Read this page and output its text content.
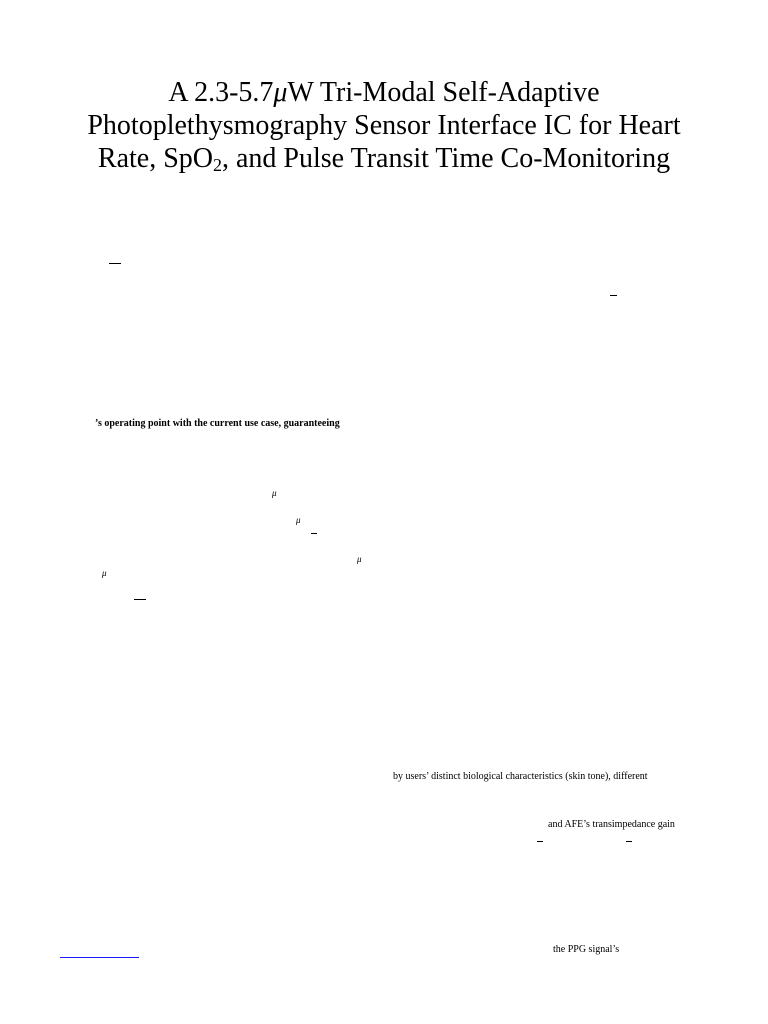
A 2.3-5.7μW Tri-Modal Self-Adaptive
Photoplethysmography Sensor Interface IC for Heart
Rate, SpO$_2$, and Pulse Transit Time Co-Monitoring
’s operating point with the current use case, guaranteeing
μ
μ
μ
μ
by users’ distinct biological characteristics (skin tone), different
and AFE’s transimpedance gain
the PPG signal’s
